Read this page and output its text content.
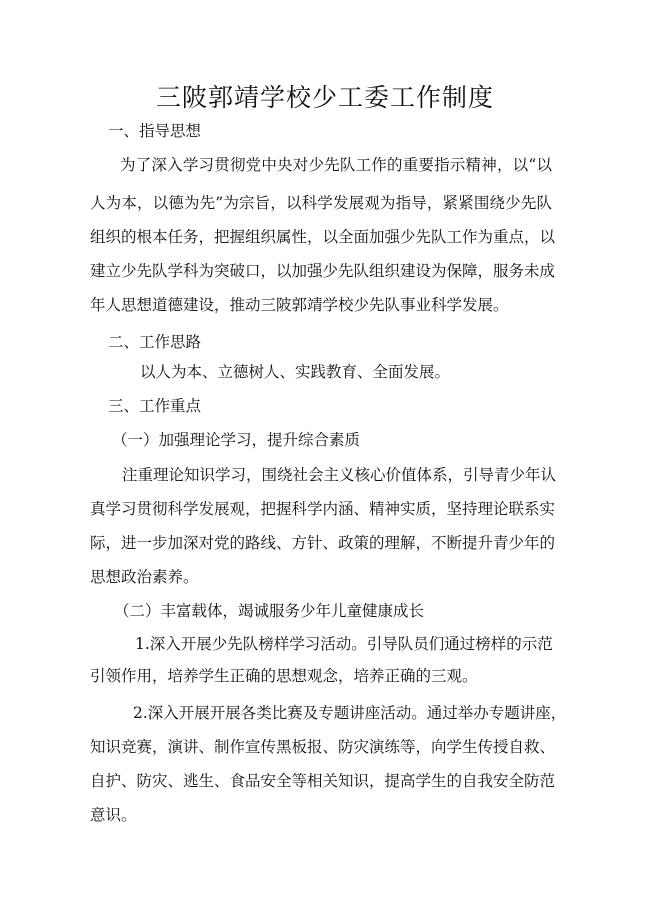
三陂郭靖学校少工委工作制度
一、指导思想
为了深入学习贯彻党中央对少先队工作的重要指示精神，以“以
人为本，以德为先”为宗旨，以科学发展观为指导，紧紧围绕少先队
组织的根本任务，把握组织属性，以全面加强少先队工作为重点，以
建立少先队学科为突破口，以加强少先队组织建设为保障，服务未成
年人思想道德建设，推动三陂郭靖学校少先队事业科学发展。
二、工作思路
以人为本、立德树人、实践教育、全面发展。
三、工作重点
（一）加强理论学习，提升综合素质
注重理论知识学习，围绕社会主义核心价值体系，引导青少年认
真学习贯彻科学发展观，把握科学内涵、精神实质，坚持理论联系实
际，进一步加深对党的路线、方针、政策的理解，不断提升青少年的
思想政治素养。
（二）丰富载体，竭诚服务少年儿童健康成长
1.深入开展少先队榜样学习活动。引导队员们通过榜样的示范
引领作用，培养学生正确的思想观念，培养正确的三观。
2.深入开展开展各类比赛及专题讲座活动。通过举办专题讲座，
知识竞赛，演讲、制作宣传黑板报、防灾演练等，向学生传授自救、
自护、防灾、逃生、食品安全等相关知识，提高学生的自我安全防范
意识。
